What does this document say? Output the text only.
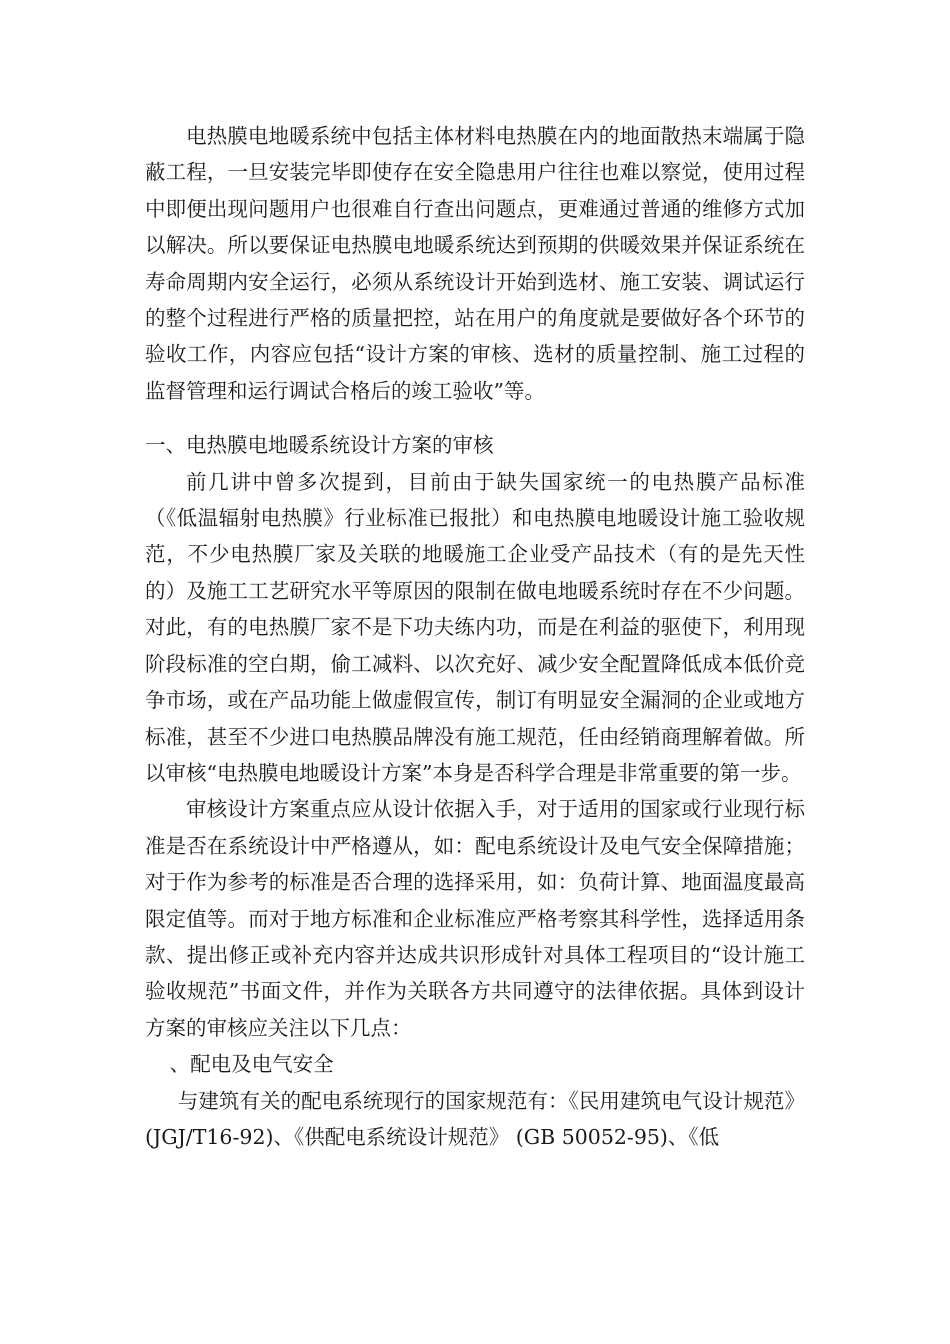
电热膜电地暖系统中包括主体材料电热膜在内的地面散热末端属于隐蔽工程，一旦安装完毕即使存在安全隐患用户往往也难以察觉，使用过程中即便出现问题用户也很难自行查出问题点，更难通过普通的维修方式加以解决。所以要保证电热膜电地暖系统达到预期的供暖效果并保证系统在寿命周期内安全运行，必须从系统设计开始到选材、施工安装、调试运行的整个过程进行严格的质量把控，站在用户的角度就是要做好各个环节的验收工作，内容应包括“设计方案的审核、选材的质量控制、施工过程的监督管理和运行调试合格后的竣工验收”等。

一、电热膜电地暖系统设计方案的审核

前几讲中曾多次提到，目前由于缺失国家统一的电热膜产品标准（《低温辐射电热膜》行业标准已报批）和电热膜电地暖设计施工验收规范，不少电热膜厂家及关联的地暖施工企业受产品技术（有的是先天性的）及施工工艺研究水平等原因的限制在做电地暖系统时存在不少问题。对此，有的电热膜厂家不是下功夫练内功，而是在利益的驱使下，利用现阶段标准的空白期，偷工减料、以次充好、减少安全配置降低成本低价竞争市场，或在产品功能上做虚假宣传，制订有明显安全漏洞的企业或地方标准，甚至不少进口电热膜品牌没有施工规范，任由经销商理解着做。所以审核“电热膜电地暖设计方案”本身是否科学合理是非常重要的第一步。

审核设计方案重点应从设计依据入手，对于适用的国家或行业现行标准是否在系统设计中严格遵从，如：配电系统设计及电气安全保障措施；对于作为参考的标准是否合理的选择采用，如：负荷计算、地面温度最高限定值等。而对于地方标准和企业标准应严格考察其科学性，选择适用条款、提出修正或补充内容并达成共识形成针对具体工程项目的“设计施工验收规范”书面文件，并作为关联各方共同遵守的法律依据。具体到设计方案的审核应关注以下几点：

、配电及电气安全

与建筑有关的配电系统现行的国家规范有：《民用建筑电气设计规范》 (JGJ/T16-92)、《供配电系统设计规范》 (GB 50052-95)、《低
